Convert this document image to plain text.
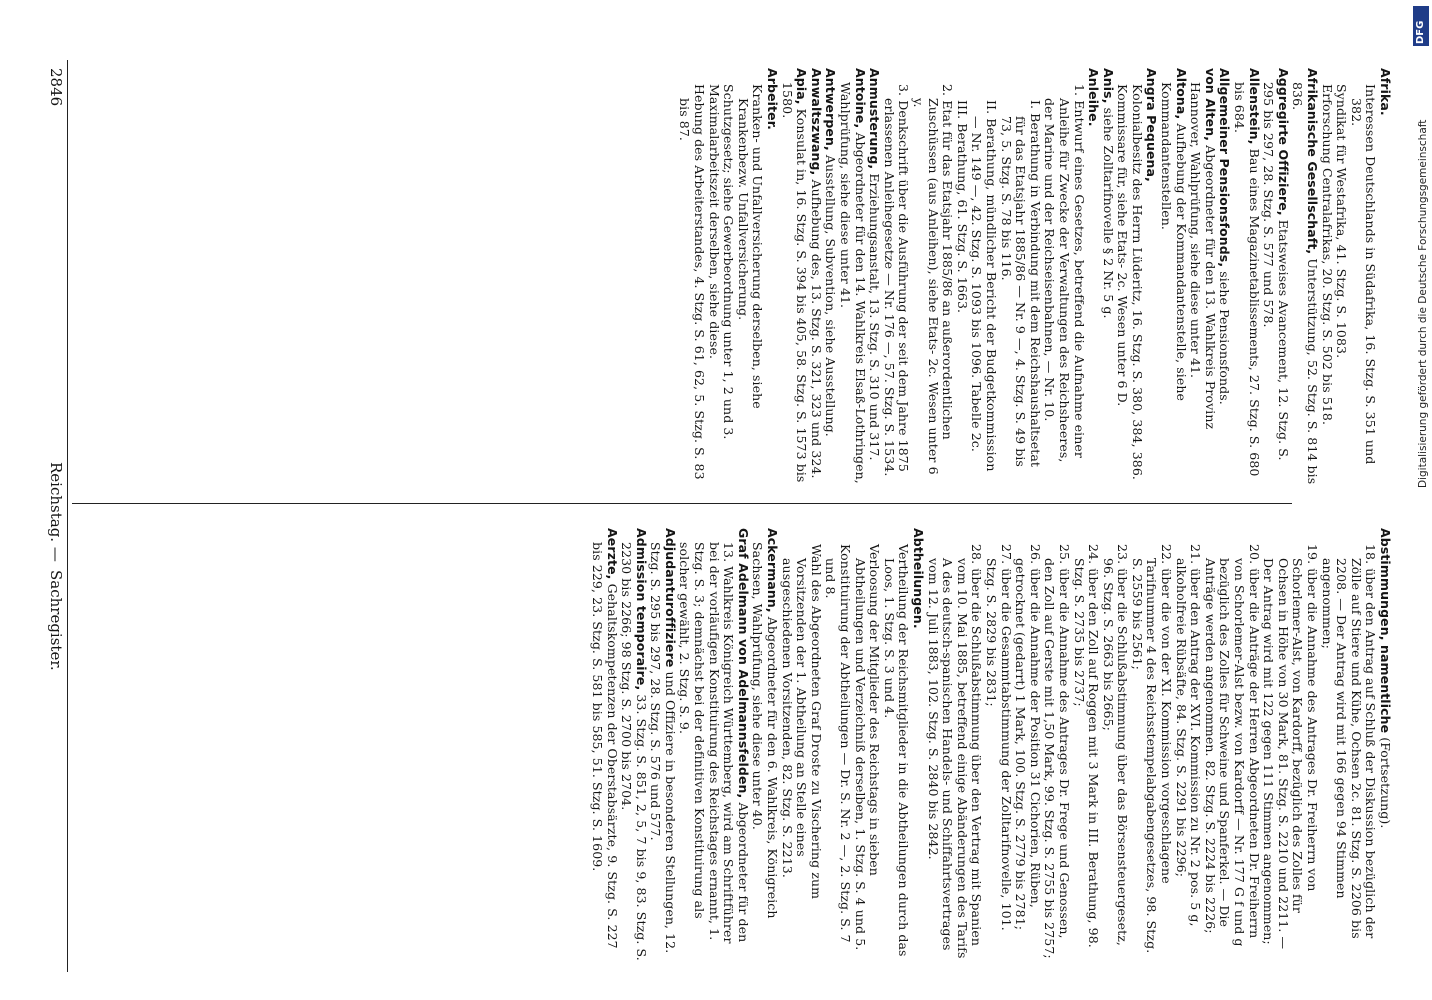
2846
Reichstag. —
Sachregister.	Abstimmungen, namentliche (Fortsetzung).
18. über den Antrag auf Schluß der Diskussion bezüglich der Zölle auf Stiere und Kühe, Ochsen 2c. 81. Stzg. S. 2206 bis 2208. — Der Antrag wird mit 166 gegen 94 Stimmen angenommen;
19. über die Annahme des Antrages Dr. Freiherrn von Schorlemer-Alst, von Kardorff, bezüglich des Zolles für Ochsen in Höhe von 30 Mark, 81. Stzg. S. 2210 und 2211. — Der Antrag wird mit 122 gegen 111 Stimmen angenommen;
20. über die Anträge der Herren Abgeordneten Dr. Freiherrn von Schorlemer-Alst bezw. von Kardorff — Nr. 177 G f und g bezüglich des Zolles für Schweine und Spanferkel. — Die Anträge werden angenommen. 82. Stzg. S. 2224 bis 2226;
21. über den Antrag der XVI. Kommission zu Nr. 2 pos. 5 g, alkoholfreie Rübsäfte, 84. Stzg. S. 2291 bis 2296;
22. über die von der XI. Kommission vorgeschlagene Tarifnummer 4 des Reichsstempelabgabengesetzes, 98. Stzg. S. 2559 bis 2561;
23. über die Schlußabstimmung über das Börsensteuergesetz, 96. Stzg. S. 2663 bis 2665;
24. über den Zoll auf Roggen mit 3 Mark in III. Berathung, 98. Stzg. S. 2735 bis 2737;
25. über die Annahme des Antrages Dr. Frege und Genossen, den Zoll auf Gerste mit 1,50 Mark, 99. Stzg. S. 2755 bis 2757;
26. über die Annahme der Position 31 Cichorien, Rüben, getrocknet (gedarrt) 1 Mark, 100. Stzg. S. 2779 bis 2781;
27. über die Gesammtabstimmung der Zolltarifnovelle, 101. Stzg. S. 2829 bis 2831;
28. über die Schlußabstimmung über den Vertrag mit Spanien vom 10. Mai 1885, betreffend einige Abänderungen des Tarifs A des deutsch-spanischen Handels- und Schiffahrtsvertrages vom 12. Juli 1883, 102. Stzg. S. 2840 bis 2842.
Abtheilungen.
Vertheilung der Reichsmitglieder in die Abtheilungen durch das Loos, 1. Stzg. S. 3 und 4.
Verloosung der Mitglieder des Reichstags in sieben Abtheilungen und Verzeichniß derselben, 1. Stzg. S. 4 und 5.
Konstituirung der Abtheilungen — Dr. S. Nr. 2 —, 2. Stzg. S. 7 und 8.
Wahl des Abgeordneten Graf Droste zu Vischering zum Vorsitzenden der 1. Abtheilung an Stelle eines ausgeschiedenen Vorsitzenden, 82. Stzg. S. 2213.
Ackermann, Abgeordneter für den 6. Wahlkreis, Königreich Sachsen, Wahlprüfung, siehe diese unter 40.
Graf Adelmann von Adelmannsfelden, Abgeordneter für den 13. Wahlkreis Königreich Württemberg, wird am Schriftführer bei der vorläufigen Konstituirung des Reichstages ernannt, 1. Stzg. S. 3; demnächst bei der definitiven Konstituirung als solcher gewählt, 2. Stzg. S. 9.
Adjudanturoffiziere und Offiziere in besonderen Stellungen, 12. Stzg. S. 295 bis 297, 28. Stzg. S. 576 und 577.
Admission temporaire, 33. Stzg. S. 851, 2, 5, 7 bis 9, 83. Stzg. S. 2230 bis 2266; 98 Stzg. S. 2700 bis 2704.
Aerzte, Gehaltskompetenzen der Oberstabsärzte, 9. Stzg. S. 227 bis 229, 23. Stzg. S. 581 bis 585, 51. Stzg. S. 1609.
Afrika.
Interessen Deutschlands in Südafrika, 16. Stzg. S. 351 und 382.
Syndikat für Westafrika, 41. Stzg. S. 1083.
Erforschung Centralafrikas, 20. Stzg. S. 502 bis 518.
Afrikanische Gesellschaft, Unterstützung, 52. Stzg. S. 814 bis 836.
Aggregirte Offiziere, Etatsweises Avancement, 12. Stzg. S. 295 bis 297, 28. Stzg. S. 577 und 578.
Allenstein, Bau eines Magazinetablissements, 27. Stzg. S. 680 bis 684.
Allgemeiner Pensionsfonds, siehe Pensionsfonds.
von Alten, Abgeordneter für den 13. Wahlkreis Provinz Hannover, Wahlprüfung, siehe diese unter 41.
Altona, Aufhebung der Kommandantenstelle, siehe Kommandantenstellen.
Angra Pequena,
Kolonialbesitz des Herrn Lüderitz, 16. Stzg. S. 380, 384, 386.
Kommissare für, siehe Etats- 2c. Wesen unter 6 D.
Anis, siehe Zolltarifnovelle § 2 Nr. 5 g.
Anleihe.
1. Entwurf eines Gesetzes, betreffend die Aufnahme einer Anleihe für Zwecke der Verwaltungen des Reichsheeres, der Marine und der Reichseisenbahnen, — Nr. 10.
I. Berathung in Verbindung mit dem Reichshaushaltsetat für das Etatsjahr 1885/86 — Nr. 9 —, 4. Stzg. S. 49 bis 73, 5. Stzg. S. 78 bis 116.
II. Berathung, mündlicher Bericht der Budgetkommission — Nr. 149 —, 42. Stzg. S. 1093 bis 1096. Tabelle 2c.
III. Berathung, 61. Stzg. S. 1663.
2. Etat für das Etatsjahr 1885/86 an außerordentlichen Zuschüssen (aus Anleihen), siehe Etats- 2c. Wesen unter 6 y.
3. Denkschrift über die Ausführung der seit dem Jahre 1875 erlassenen Anleihegesetze — Nr. 176 —, 57. Stzg. S. 1534.
Anmusterung, Erziehungsanstalt, 13. Stzg. S. 310 und 317.
Antoine, Abgeordneter für den 14. Wahlkreis Elsaß-Lothringen, Wahlprüfung, siehe diese unter 41.
Antwerpen, Ausstellung, Subvention, siehe Ausstellung.
Anwaltszwang, Aufhebung des, 13. Stzg. S. 321, 323 und 324.
Apia, Konsulat in, 16. Stzg. S. 394 bis 405, 58. Stzg. S. 1573 bis 1580.
Arbeiter.
Kranken- und Unfallversicherung derselben, siehe Krankenbezw. Unfallversicherung.
Schutzgesetz; siehe Gewerbeordnung unter 1, 2 und 3.
Maximalarbeitszeit derselben, siehe diese.
Hebung des Arbeiterstandes, 4. Stzg. S. 61, 62, 5. Stzg. S. 83 bis 87.
DFG
Digitalisierung gefördert durch die Deutsche Forschungsgemeinschaft
